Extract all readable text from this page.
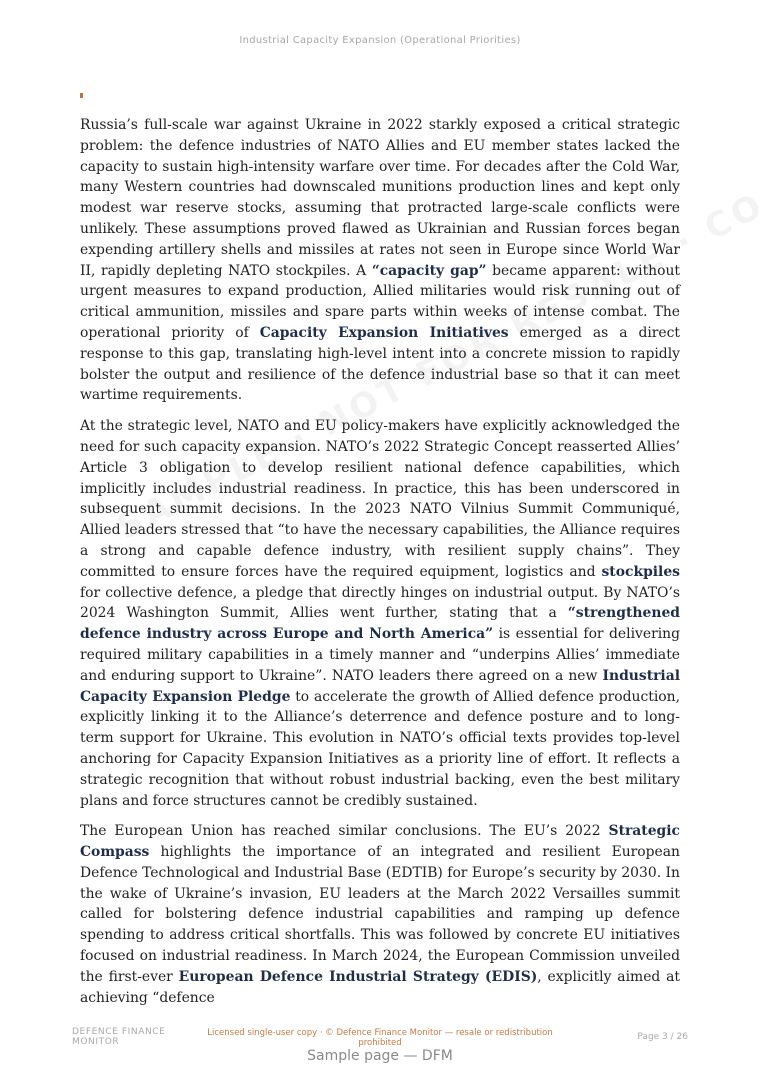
Industrial Capacity Expansion (Operational Priorities)

Russia’s full-scale war against Ukraine in 2022 starkly exposed a critical strategic problem: the defence industries of NATO Allies and EU member states lacked the capacity to sustain high-intensity warfare over time. For decades after the Cold War, many Western countries had downscaled munitions production lines and kept only modest war reserve stocks, assuming that protracted large-scale conflicts were unlikely. These assumptions proved flawed as Ukrainian and Russian forces began expending artillery shells and missiles at rates not seen in Europe since World War II, rapidly depleting NATO stockpiles. A “capacity gap” became apparent: without urgent measures to expand production, Allied militaries would risk running out of critical ammunition, missiles and spare parts within weeks of intense combat. The operational priority of Capacity Expansion Initiatives emerged as a direct response to this gap, translating high-level intent into a concrete mission to rapidly bolster the output and resilience of the defence industrial base so that it can meet wartime requirements.

At the strategic level, NATO and EU policy-makers have explicitly acknowledged the need for such capacity expansion. NATO’s 2022 Strategic Concept reasserted Allies’ Article 3 obligation to develop resilient national defence capabilities, which implicitly includes industrial readiness. In practice, this has been underscored in subsequent summit decisions. In the 2023 NATO Vilnius Summit Communiqué, Allied leaders stressed that “to have the necessary capabilities, the Alliance requires a strong and capable defence industry, with resilient supply chains”. They committed to ensure forces have the required equipment, logistics and stockpiles for collective defence, a pledge that directly hinges on industrial output. By NATO’s 2024 Washington Summit, Allies went further, stating that a “strengthened defence industry across Europe and North America” is essential for delivering required military capabilities in a timely manner and “underpins Allies’ immediate and enduring support to Ukraine”. NATO leaders there agreed on a new Industrial Capacity Expansion Pledge to accelerate the growth of Allied defence production, explicitly linking it to the Alliance’s deterrence and defence posture and to long-term support for Ukraine. This evolution in NATO’s official texts provides top-level anchoring for Capacity Expansion Initiatives as a priority line of effort. It reflects a strategic recognition that without robust industrial backing, even the best military plans and force structures cannot be credibly sustained.

The European Union has reached similar conclusions. The EU’s 2022 Strategic Compass highlights the importance of an integrated and resilient European Defence Technological and Industrial Base (EDTIB) for Europe’s security by 2030. In the wake of Ukraine’s invasion, EU leaders at the March 2022 Versailles summit called for bolstering defence industrial capabilities and ramping up defence spending to address critical shortfalls. This was followed by concrete EU initiatives focused on industrial readiness. In March 2024, the European Commission unveiled the first-ever European Defence Industrial Strategy (EDIS), explicitly aimed at achieving “defence

DEFENCE FINANCE
MONITOR
Licensed single-user copy · © Defence Finance Monitor — resale or redistribution prohibited
Page 3 / 26
Sample page — DFM
